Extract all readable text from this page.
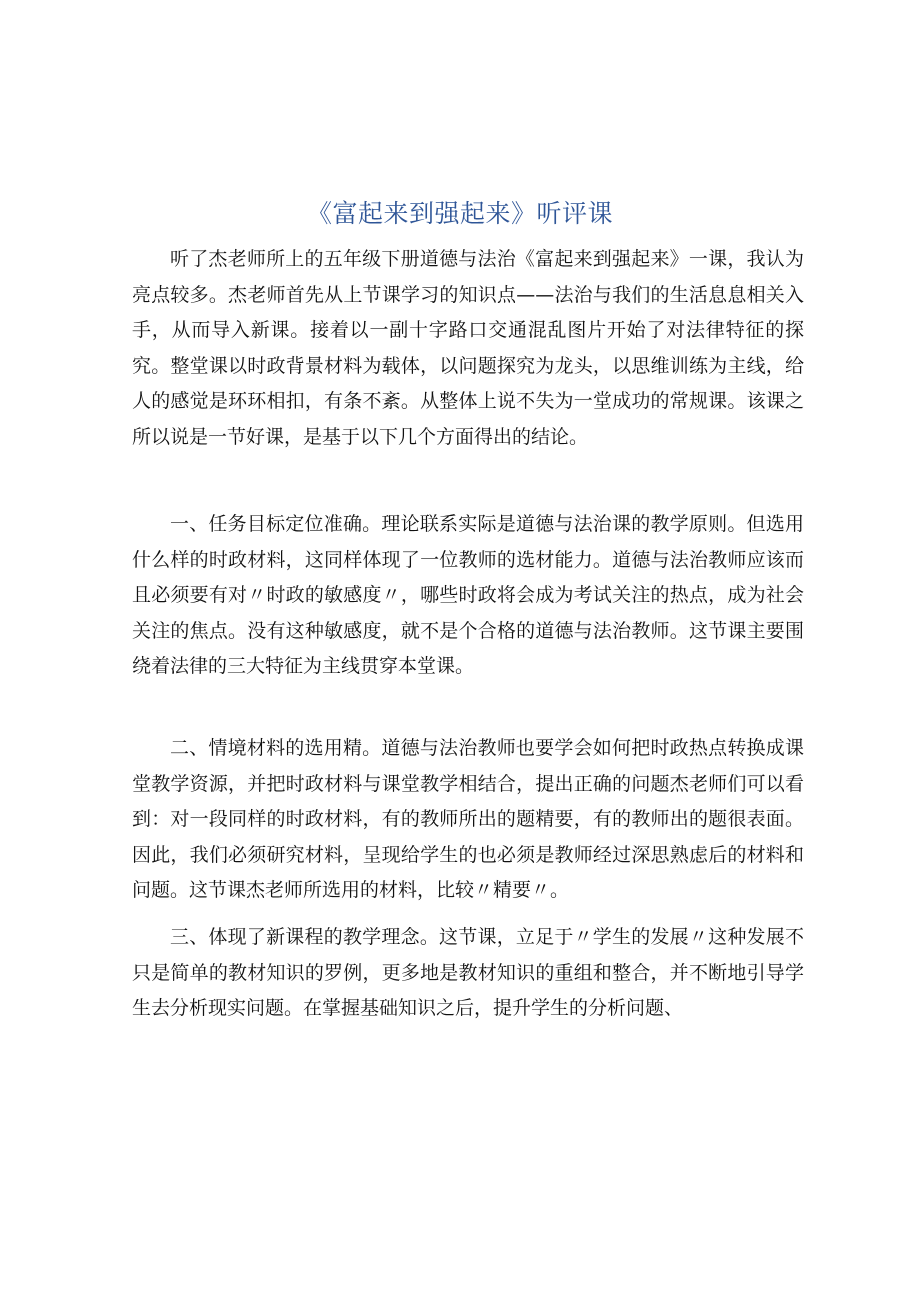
《富起来到强起来》听评课

听了杰老师所上的五年级下册道德与法治《富起来到强起来》一课，我认为亮点较多。杰老师首先从上节课学习的知识点——法治与我们的生活息息相关入手，从而导入新课。接着以一副十字路口交通混乱图片开始了对法律特征的探究。整堂课以时政背景材料为载体，以问题探究为龙头，以思维训练为主线，给人的感觉是环环相扣，有条不紊。从整体上说不失为一堂成功的常规课。该课之所以说是一节好课，是基于以下几个方面得出的结论。

一、任务目标定位准确。理论联系实际是道德与法治课的教学原则。但选用什么样的时政材料，这同样体现了一位教师的选材能力。道德与法治教师应该而且必须要有对〃时政的敏感度〃，哪些时政将会成为考试关注的热点，成为社会关注的焦点。没有这种敏感度，就不是个合格的道德与法治教师。这节课主要围绕着法律的三大特征为主线贯穿本堂课。

二、情境材料的选用精。道德与法治教师也要学会如何把时政热点转换成课堂教学资源，并把时政材料与课堂教学相结合，提出正确的问题杰老师们可以看到：对一段同样的时政材料，有的教师所出的题精要，有的教师出的题很表面。因此，我们必须研究材料，呈现给学生的也必须是教师经过深思熟虑后的材料和问题。这节课杰老师所选用的材料，比较〃精要〃。

三、体现了新课程的教学理念。这节课，立足于〃学生的发展〃这种发展不只是简单的教材知识的罗例，更多地是教材知识的重组和整合，并不断地引导学生去分析现实问题。在掌握基础知识之后，提升学生的分析问题、
